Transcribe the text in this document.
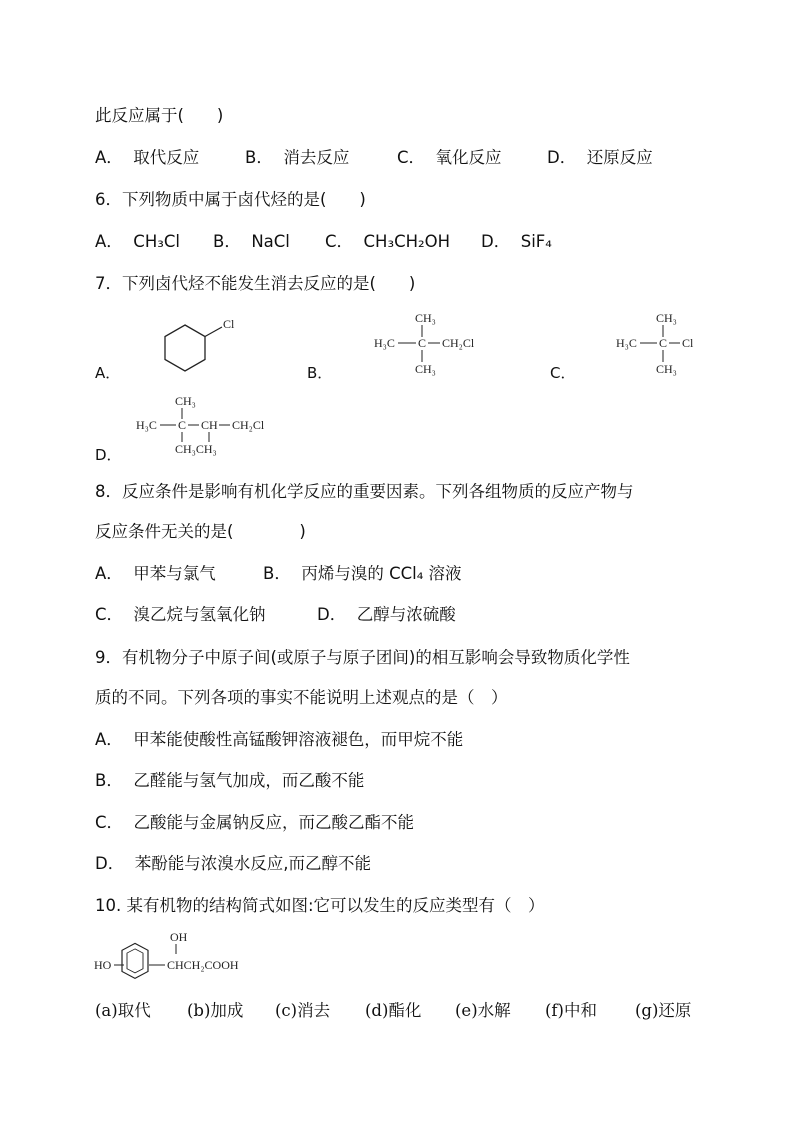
此反应属于(　　)
A． 取代反应	B． 消去反应	C． 氧化反应	D． 还原反应
6．下列物质中属于卤代烃的是(　　)
A． CH₃Cl B． NaCl C． CH₃CH₂OH D． SiF₄
7．下列卤代烃不能发生消去反应的是(　　)
A．
Cl
B．
CH₃
H₃C C CH₂Cl
CH₃	C．
CH₃
H₃C C Cl
CH₃
D．
CH₃
H₃C C CH CH₂Cl
CH₃CH₃
8．反应条件是影响有机化学反应的重要因素。下列各组物质的反应产物与
反应条件无关的是(　　　　)
A． 甲苯与氯气	B． 丙烯与溴的 CCl₄ 溶液
C． 溴乙烷与氢氧化钠	D． 乙醇与浓硫酸
9．有机物分子中原子间(或原子与原子团间)的相互影响会导致物质化学性
质的不同。下列各项的事实不能说明上述观点的是（　）
A． 甲苯能使酸性高锰酸钾溶液褪色，而甲烷不能
B． 乙醛能与氢气加成，而乙酸不能
C． 乙酸能与金属钠反应，而乙酸乙酯不能
D． 苯酚能与浓溴水反应,而乙醇不能
10. 某有机物的结构简式如图:它可以发生的反应类型有（　）
OH
HO	CHCH₂COOH
(a)取代 (b)加成 (c)消去 (d)酯化 (e)水解 (f)中和 (g)还原
